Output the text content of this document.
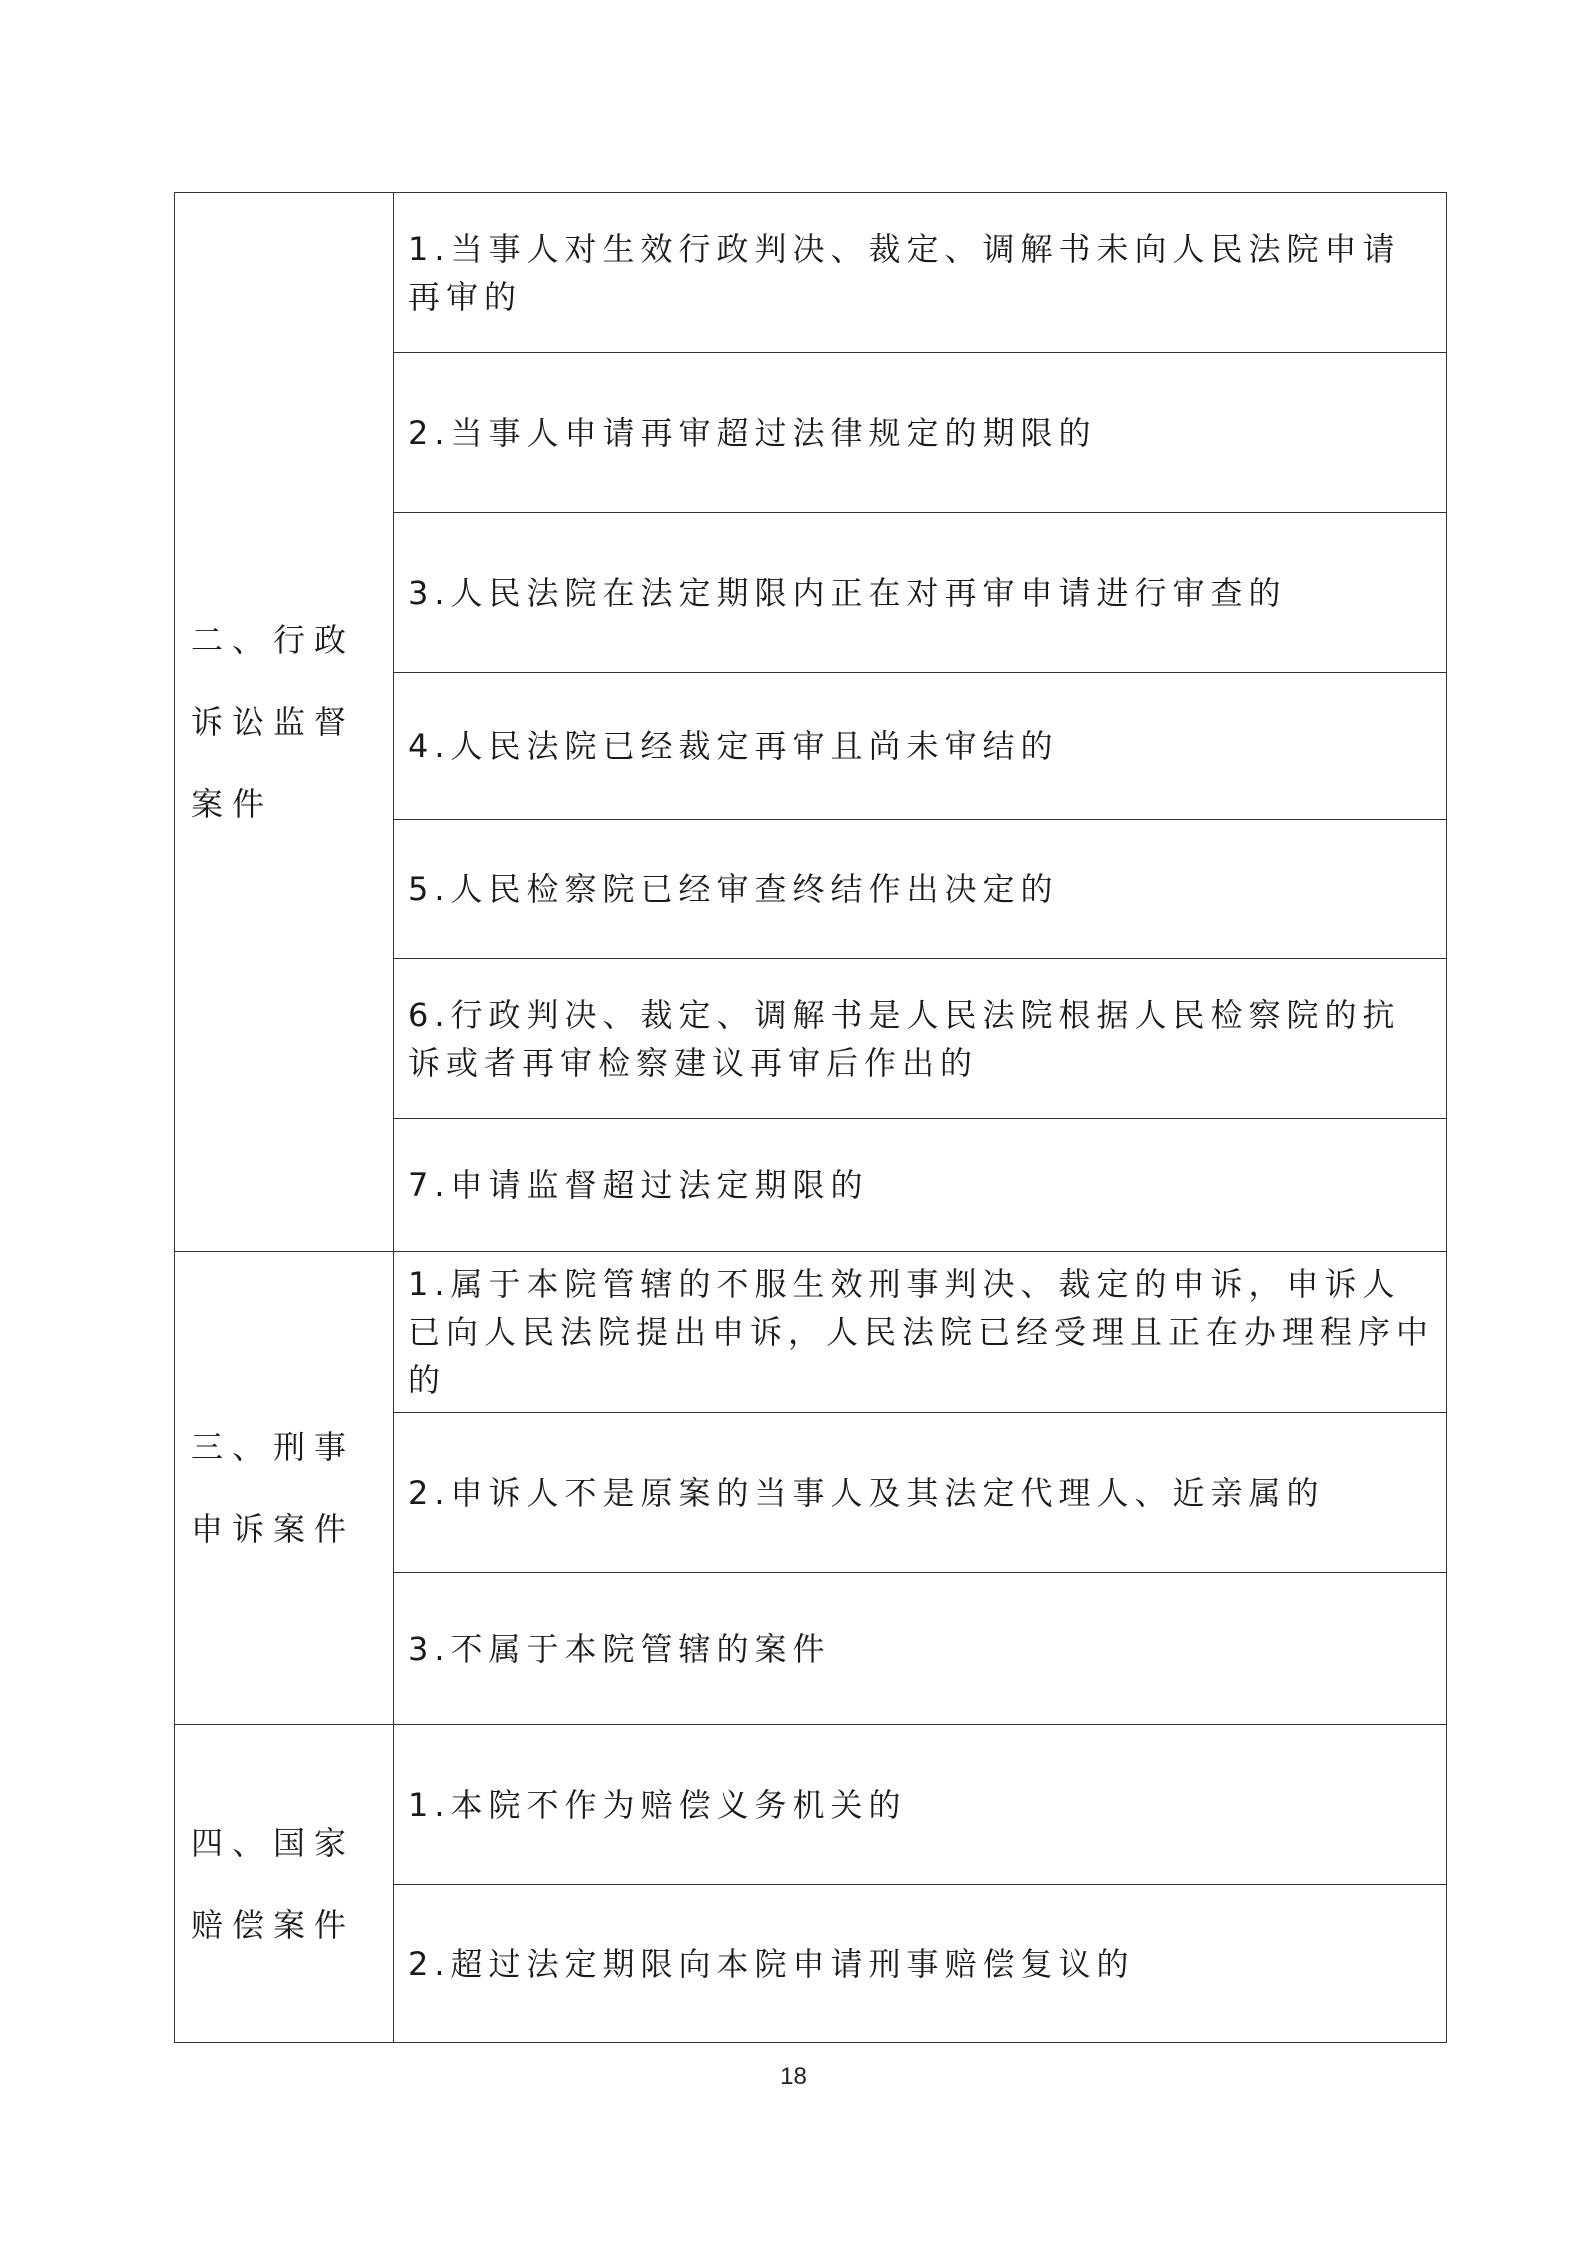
二、行政诉讼监督案件	1.当事人对生效行政判决、裁定、调解书未向人民法院申请再审的
	2.当事人申请再审超过法律规定的期限的
	3.人民法院在法定期限内正在对再审申请进行审查的
	4.人民法院已经裁定再审且尚未审结的
	5.人民检察院已经审查终结作出决定的
	6.行政判决、裁定、调解书是人民法院根据人民检察院的抗诉或者再审检察建议再审后作出的
	7.申请监督超过法定期限的
三、刑事申诉案件	1.属于本院管辖的不服生效刑事判决、裁定的申诉，申诉人已向人民法院提出申诉，人民法院已经受理且正在办理程序中的
	2.申诉人不是原案的当事人及其法定代理人、近亲属的
	3.不属于本院管辖的案件
四、国家赔偿案件	1.本院不作为赔偿义务机关的
	2.超过法定期限向本院申请刑事赔偿复议的
18
